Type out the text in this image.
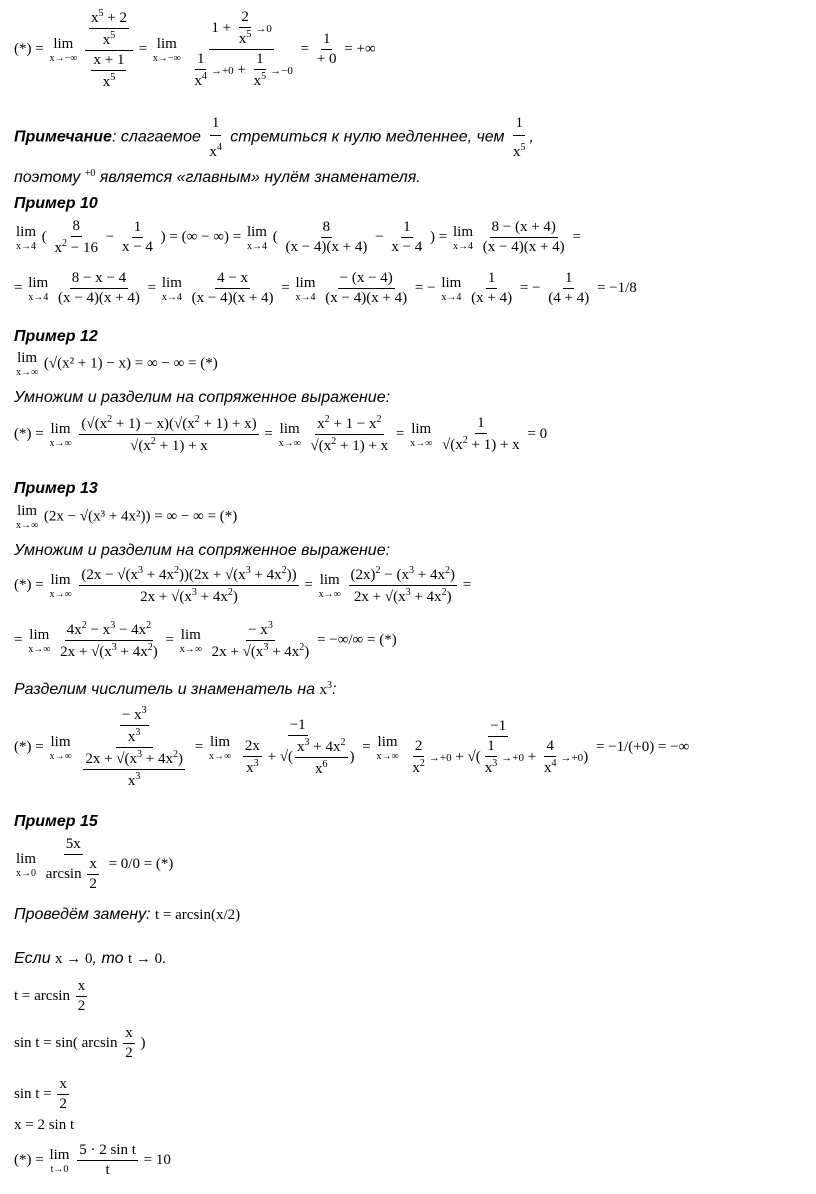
(*) = lim
x→−∞
$\frac{\frac{x^5 + 2}{x^5}}{\frac{x + 1}{x^5}} = \lim$
x→−∞
$\frac{1 + \frac{2}{x^5} \to 0}{\frac{1}{x^4} \to+0 + \frac{1}{x^5} \to-0} = \frac{1}{+ 0}$ = +∞
Примечание: слагаемое $\frac{1}{x^4}$ стремиться к нулю медленнее, чем $\frac{1}{x^5}$ ,
поэтому $^{+0}$ является «главным» нулём знаменателя.
Пример 10
lim
x→4
( $\frac{8}{x^2 - 16} - \frac{1}{x - 4}$ ) = (∞ − ∞) = lim
x→4
( $\frac{8}{(x - 4)(x + 4)} - \frac{1}{x - 4}$ ) = lim
x→4
$\frac{8 - (x + 4)}{(x - 4)(x + 4)}$ =
= lim
x→4
$\frac{8 - x - 4}{(x - 4)(x + 4)} = \lim$
x→4
$\frac{4 - x}{(x - 4)(x + 4)} = \lim$
x→4
$\frac{- (x - 4)}{(x - 4)(x + 4)}$ = − lim
x→4
$\frac{1}{(x + 4)}$ = − $\frac{1}{(4 + 4)} = -1/8$
Пример 12
lim
x→∞
(√(x² + 1) − x) = ∞ − ∞ = (*)
Умножим и разделим на сопряженное выражение:
(*) = lim
x→∞
$\frac{(√(x^2 + 1) - x)(√(x^2 + 1) + x)}{√(x^2 + 1) + x} = \lim$
x→∞
$\frac{x^2 + 1 - x^2}{√(x^2 + 1) + x} = \lim$
x→∞
$\frac{1}{√(x^2 + 1) + x} = 0$
Пример 13
lim
x→∞
(2x − √(x³ + 4x²)) = ∞ − ∞ = (*)
Умножим и разделим на сопряженное выражение:
(*) = lim
x→∞
$\frac{(2x - √(x^3 + 4x^2))(2x + √(x^3 + 4x^2))}{2x + √(x^3 + 4x^2)} = \lim$
x→∞
$\frac{(2x)^2 - (x^3 + 4x^2)}{2x + √(x^3 + 4x^2)}$ =
= lim
x→∞
$\frac{4x^2 - x^3 - 4x^2}{2x + √(x^3 + 4x^2)} = \lim$
x→∞
$\frac{- x^3}{2x + √(x^3 + 4x^2)}$ = −∞/∞ = (*)
Разделим числитель и знаменатель на $x^3$:
(*) = lim
x→∞
$\frac{\frac{- x^3}{x^3}}{\frac{2x + √(x^3 + 4x^2)}{x^3}} = \lim$
x→∞
$\frac{-1}{\frac{2x}{x^3} + √( \frac{x^3 + 4x^2}{x^6} )} = \lim$
x→∞
$\frac{-1}{\frac{2}{x^2} \to+0 + √( \frac{1}{x^3} \to+0 + \frac{4}{x^4} \to+0)} = -1/(+0)$ = −∞
Пример 15
lim
x→0
$\frac{5x}{\arcsin \frac{x}{2}} = 0/0$ = (*)
Проведём замену: t = arcsin(x/2)
Если x → 0, то t → 0.
$t = \arcsin \frac{x}{2}$
sin t = sin( $\arcsin \frac{x}{2}$ )
$\sin t = \frac{x}{2}$
x = 2 sin t
(*) = lim
t→0
$\frac{\text{5 · 2 sin t}}{t} = 10$
